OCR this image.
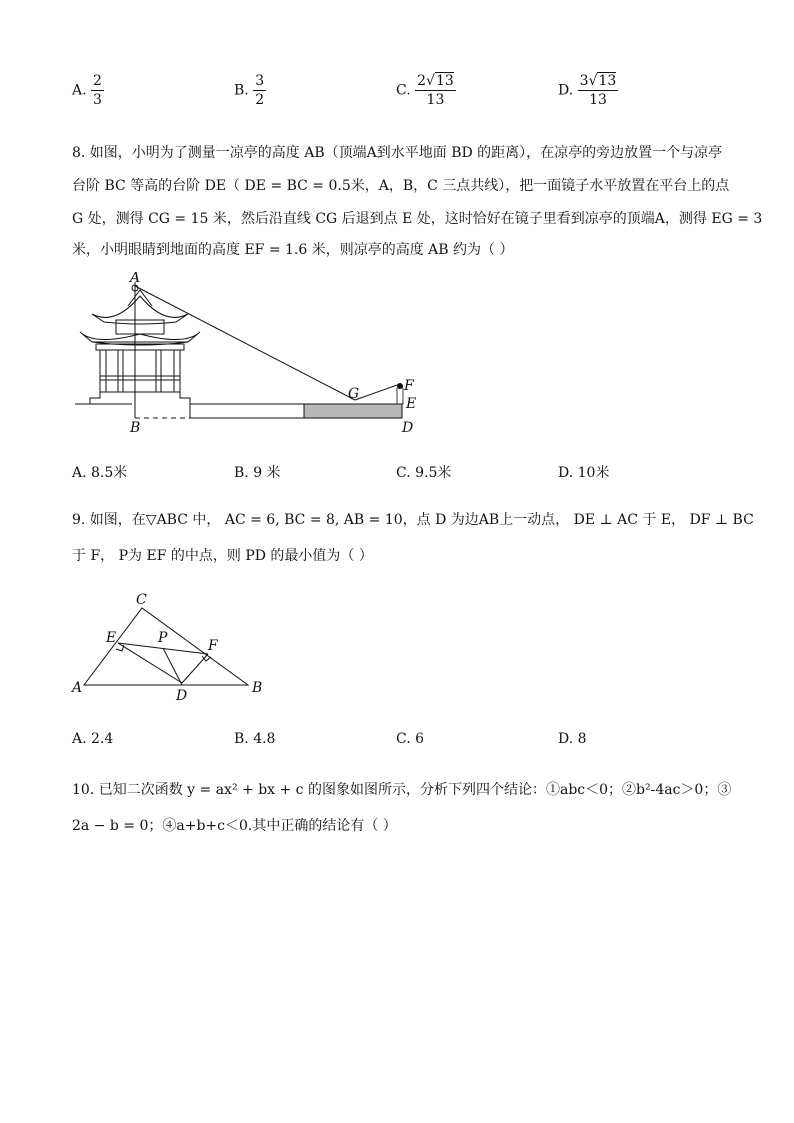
A. $\frac{2}{3}$	B. $\frac{3}{2}$	C. $\frac{2√13}{13}$	D. $\frac{3√13}{13}$
8. 如图，小明为了测量一凉亭的高度 AB（顶端A到水平地面 BD 的距离），在凉亭的旁边放置一个与凉亭
台阶 BC 等高的台阶 DE（ DE = BC = 0.5米，A，B，C 三点共线），把一面镜子水平放置在平台上的点
G 处，测得 CG = 15 米，然后沿直线 CG 后退到点 E 处，这时恰好在镜子里看到凉亭的顶端A，测得 EG = 3
米，小明眼睛到地面的高度 EF = 1.6 米，则凉亭的高度 AB 约为（ ）
A
B
G	F
E
D
A. 8.5米	B. 9 米	C. 9.5米	D. 10米
9. 如图，在▽ABC 中， AC = 6, BC = 8, AB = 10，点 D 为边AB上一动点， DE ⊥ AC 于 E， DF ⊥ BC
于 F， P为 EF 的中点，则 PD 的最小值为（ ）
C
E	P	F
A	D	B
A. 2.4	B. 4.8	C. 6	D. 8
10. 已知二次函数 y = ax² + bx + c 的图象如图所示，分析下列四个结论：①abc＜0；②b²-4ac＞0；③
2a − b = 0；④a+b+c＜0.其中正确的结论有（ ）
